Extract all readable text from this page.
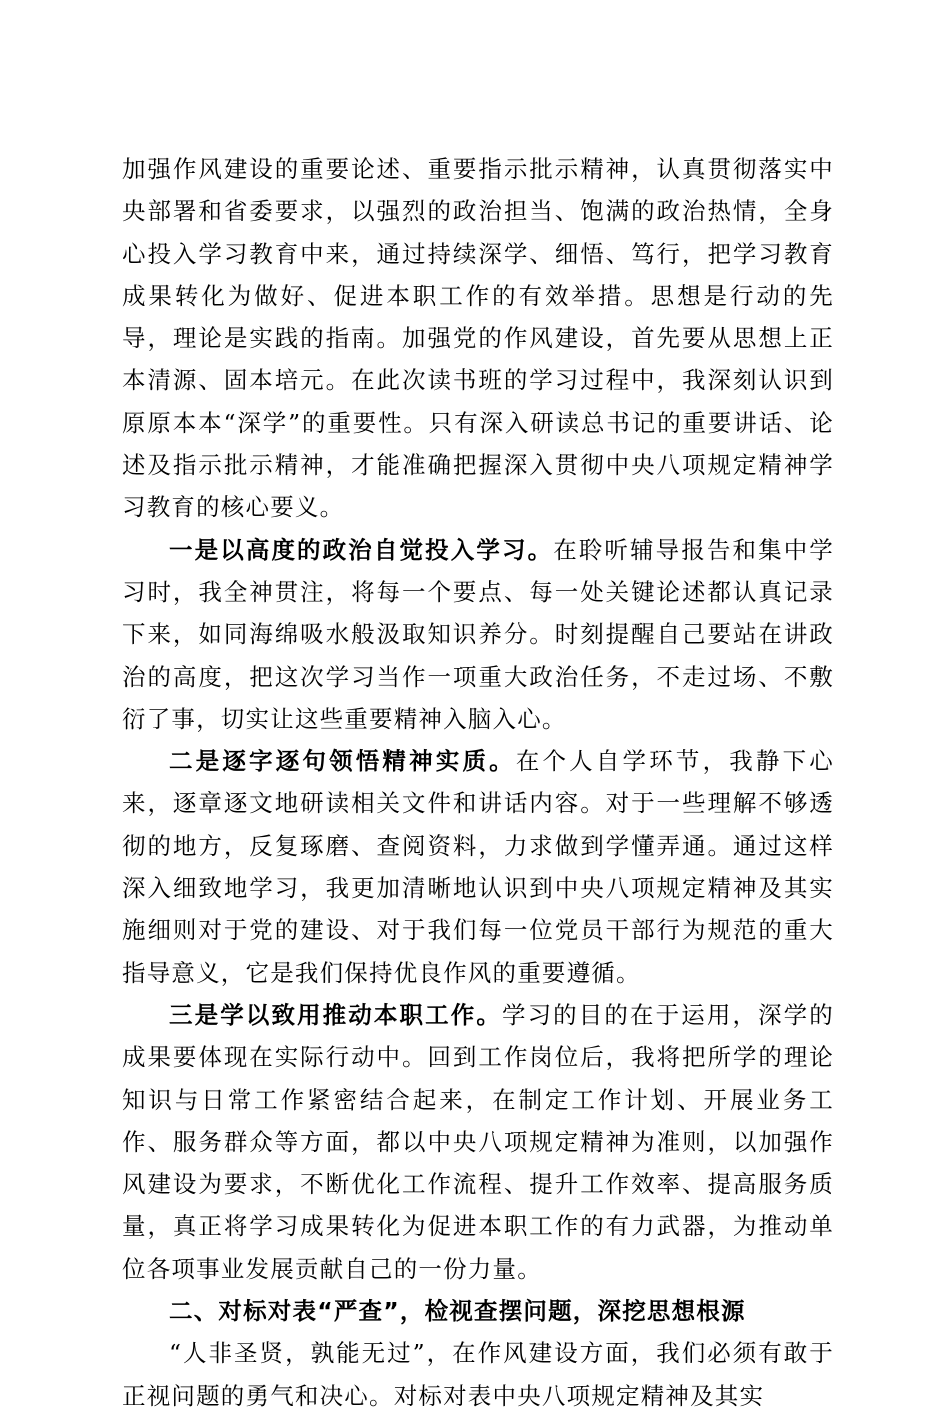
加强作风建设的重要论述、重要指示批示精神，认真贯彻落实中央部署和省委要求，以强烈的政治担当、饱满的政治热情，全身心投入学习教育中来，通过持续深学、细悟、笃行，把学习教育成果转化为做好、促进本职工作的有效举措。思想是行动的先导，理论是实践的指南。加强党的作风建设，首先要从思想上正本清源、固本培元。在此次读书班的学习过程中，我深刻认识到原原本本“深学”的重要性。只有深入研读总书记的重要讲话、论述及指示批示精神，才能准确把握深入贯彻中央八项规定精神学习教育的核心要义。

一是以高度的政治自觉投入学习。在聆听辅导报告和集中学习时，我全神贯注，将每一个要点、每一处关键论述都认真记录下来，如同海绵吸水般汲取知识养分。时刻提醒自己要站在讲政治的高度，把这次学习当作一项重大政治任务，不走过场、不敷衍了事，切实让这些重要精神入脑入心。

二是逐字逐句领悟精神实质。在个人自学环节，我静下心来，逐章逐文地研读相关文件和讲话内容。对于一些理解不够透彻的地方，反复琢磨、查阅资料，力求做到学懂弄通。通过这样深入细致地学习，我更加清晰地认识到中央八项规定精神及其实施细则对于党的建设、对于我们每一位党员干部行为规范的重大指导意义，它是我们保持优良作风的重要遵循。

三是学以致用推动本职工作。学习的目的在于运用，深学的成果要体现在实际行动中。回到工作岗位后，我将把所学的理论知识与日常工作紧密结合起来，在制定工作计划、开展业务工作、服务群众等方面，都以中央八项规定精神为准则，以加强作风建设为要求，不断优化工作流程、提升工作效率、提高服务质量，真正将学习成果转化为促进本职工作的有力武器，为推动单位各项事业发展贡献自己的一份力量。

二、对标对表“严查”，检视查摆问题，深挖思想根源

“人非圣贤，孰能无过”，在作风建设方面，我们必须有敢于正视问题的勇气和决心。对标对表中央八项规定精神及其实
